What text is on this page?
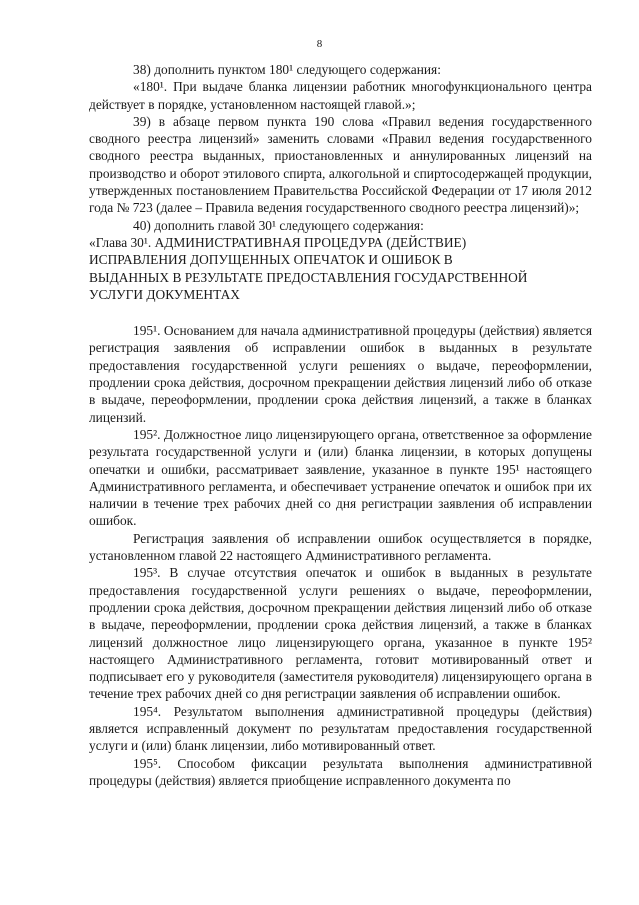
8

38) дополнить пунктом 180¹ следующего содержания:

«180¹. При выдаче бланка лицензии работник многофункционального центра действует в порядке, установленном настоящей главой.»;

39) в абзаце первом пункта 190 слова «Правил ведения государственного сводного реестра лицензий» заменить словами «Правил ведения государственного сводного реестра выданных, приостановленных и аннулированных лицензий на производство и оборот этилового спирта, алкогольной и спиртосодержащей продукции, утвержденных постановлением Правительства Российской Федерации от 17 июля 2012 года № 723 (далее – Правила ведения государственного сводного реестра лицензий)»;

40) дополнить главой 30¹ следующего содержания:

«Глава 30¹. АДМИНИСТРАТИВНАЯ ПРОЦЕДУРА (ДЕЙСТВИЕ)

ИСПРАВЛЕНИЯ ДОПУЩЕННЫХ ОПЕЧАТОК И ОШИБОК В

ВЫДАННЫХ В РЕЗУЛЬТАТЕ ПРЕДОСТАВЛЕНИЯ ГОСУДАРСТВЕННОЙ

УСЛУГИ ДОКУМЕНТАХ

195¹. Основанием для начала административной процедуры (действия) является регистрация заявления об исправлении ошибок в выданных в результате предоставления государственной услуги решениях о выдаче, переоформлении, продлении срока действия, досрочном прекращении действия лицензий либо об отказе в выдаче, переоформлении, продлении срока действия лицензий, а также в бланках лицензий.

195². Должностное лицо лицензирующего органа, ответственное за оформление результата государственной услуги и (или) бланка лицензии, в которых допущены опечатки и ошибки, рассматривает заявление, указанное в пункте 195¹ настоящего Административного регламента, и обеспечивает устранение опечаток и ошибок при их наличии в течение трех рабочих дней со дня регистрации заявления об исправлении ошибок.

Регистрация заявления об исправлении ошибок осуществляется в порядке, установленном главой 22 настоящего Административного регламента.

195³. В случае отсутствия опечаток и ошибок в выданных в результате предоставления государственной услуги решениях о выдаче, переоформлении, продлении срока действия, досрочном прекращении действия лицензий либо об отказе в выдаче, переоформлении, продлении срока действия лицензий, а также в бланках лицензий должностное лицо лицензирующего органа, указанное в пункте 195² настоящего Административного регламента, готовит мотивированный ответ и подписывает его у руководителя (заместителя руководителя) лицензирующего органа в течение трех рабочих дней со дня регистрации заявления об исправлении ошибок.

195⁴. Результатом выполнения административной процедуры (действия) является исправленный документ по результатам предоставления государственной услуги и (или) бланк лицензии, либо мотивированный ответ.

195⁵. Способом фиксации результата выполнения административной процедуры (действия) является приобщение исправленного документа по
